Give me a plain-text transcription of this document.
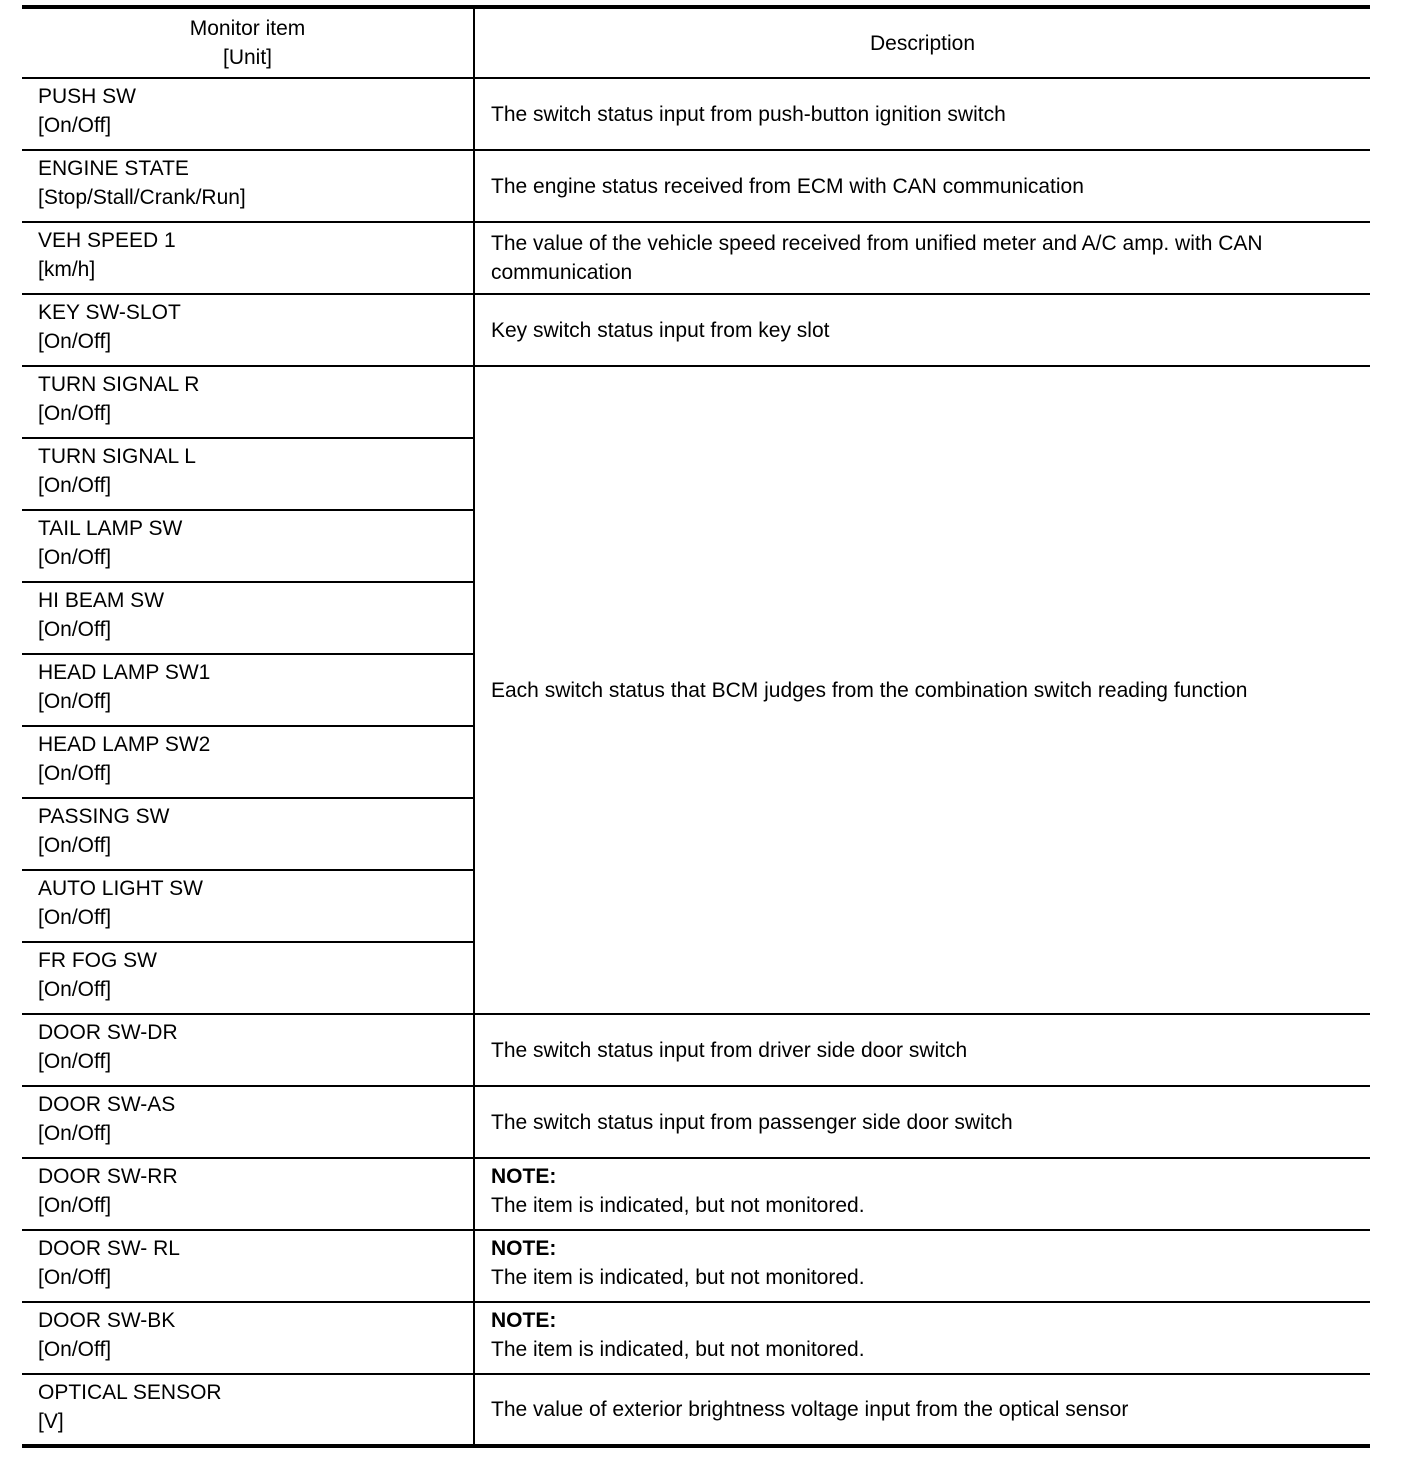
Monitor item
[Unit]	Description

PUSH SW
[On/Off]	The switch status input from push-button ignition switch

ENGINE STATE
[Stop/Stall/Crank/Run]	The engine status received from ECM with CAN communication

VEH SPEED 1
[km/h]	The value of the vehicle speed received from unified meter and A/C amp. with CAN communication

KEY SW-SLOT
[On/Off]	Key switch status input from key slot

TURN SIGNAL R
[On/Off]	Each switch status that BCM judges from the combination switch reading function

TURN SIGNAL L
[On/Off]	

TAIL LAMP SW
[On/Off]	

HI BEAM SW
[On/Off]	

HEAD LAMP SW1
[On/Off]	

HEAD LAMP SW2
[On/Off]	

PASSING SW
[On/Off]	

AUTO LIGHT SW
[On/Off]	

FR FOG SW
[On/Off]	

DOOR SW-DR
[On/Off]	The switch status input from driver side door switch

DOOR SW-AS
[On/Off]	The switch status input from passenger side door switch

DOOR SW-RR
[On/Off]	NOTE:
The item is indicated, but not monitored.

DOOR SW- RL
[On/Off]	NOTE:
The item is indicated, but not monitored.

DOOR SW-BK
[On/Off]	NOTE:
The item is indicated, but not monitored.

OPTICAL SENSOR
[V]	The value of exterior brightness voltage input from the optical sensor
